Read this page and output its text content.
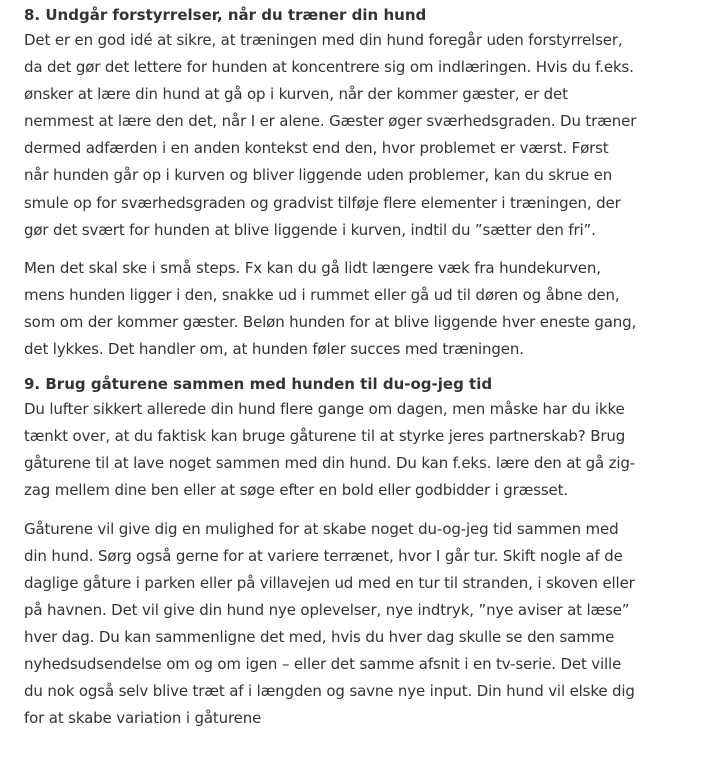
8. Undgår forstyrrelser, når du træner din hund

Det er en god idé at sikre, at træningen med din hund foregår uden forstyrrelser,
da det gør det lettere for hunden at koncentrere sig om indlæringen. Hvis du f.eks.
ønsker at lære din hund at gå op i kurven, når der kommer gæster, er det
nemmest at lære den det, når I er alene. Gæster øger sværhedsgraden. Du træner
dermed adfærden i en anden kontekst end den, hvor problemet er værst. Først
når hunden går op i kurven og bliver liggende uden problemer, kan du skrue en
smule op for sværhedsgraden og gradvist tilføje flere elementer i træningen, der
gør det svært for hunden at blive liggende i kurven, indtil du ”sætter den fri”.

Men det skal ske i små steps. Fx kan du gå lidt længere væk fra hundekurven,
mens hunden ligger i den, snakke ud i rummet eller gå ud til døren og åbne den,
som om der kommer gæster. Beløn hunden for at blive liggende hver eneste gang,
det lykkes. Det handler om, at hunden føler succes med træningen.

9. Brug gåturene sammen med hunden til du-og-jeg tid

Du lufter sikkert allerede din hund flere gange om dagen, men måske har du ikke
tænkt over, at du faktisk kan bruge gåturene til at styrke jeres partnerskab? Brug
gåturene til at lave noget sammen med din hund. Du kan f.eks. lære den at gå zig-
zag mellem dine ben eller at søge efter en bold eller godbidder i græsset.

Gåturene vil give dig en mulighed for at skabe noget du-og-jeg tid sammen med
din hund. Sørg også gerne for at variere terrænet, hvor I går tur. Skift nogle af de
daglige gåture i parken eller på villavejen ud med en tur til stranden, i skoven eller
på havnen. Det vil give din hund nye oplevelser, nye indtryk, ”nye aviser at læse”
hver dag. Du kan sammenligne det med, hvis du hver dag skulle se den samme
nyhedsudsendelse om og om igen – eller det samme afsnit i en tv-serie. Det ville
du nok også selv blive træt af i længden og savne nye input. Din hund vil elske dig
for at skabe variation i gåturene
